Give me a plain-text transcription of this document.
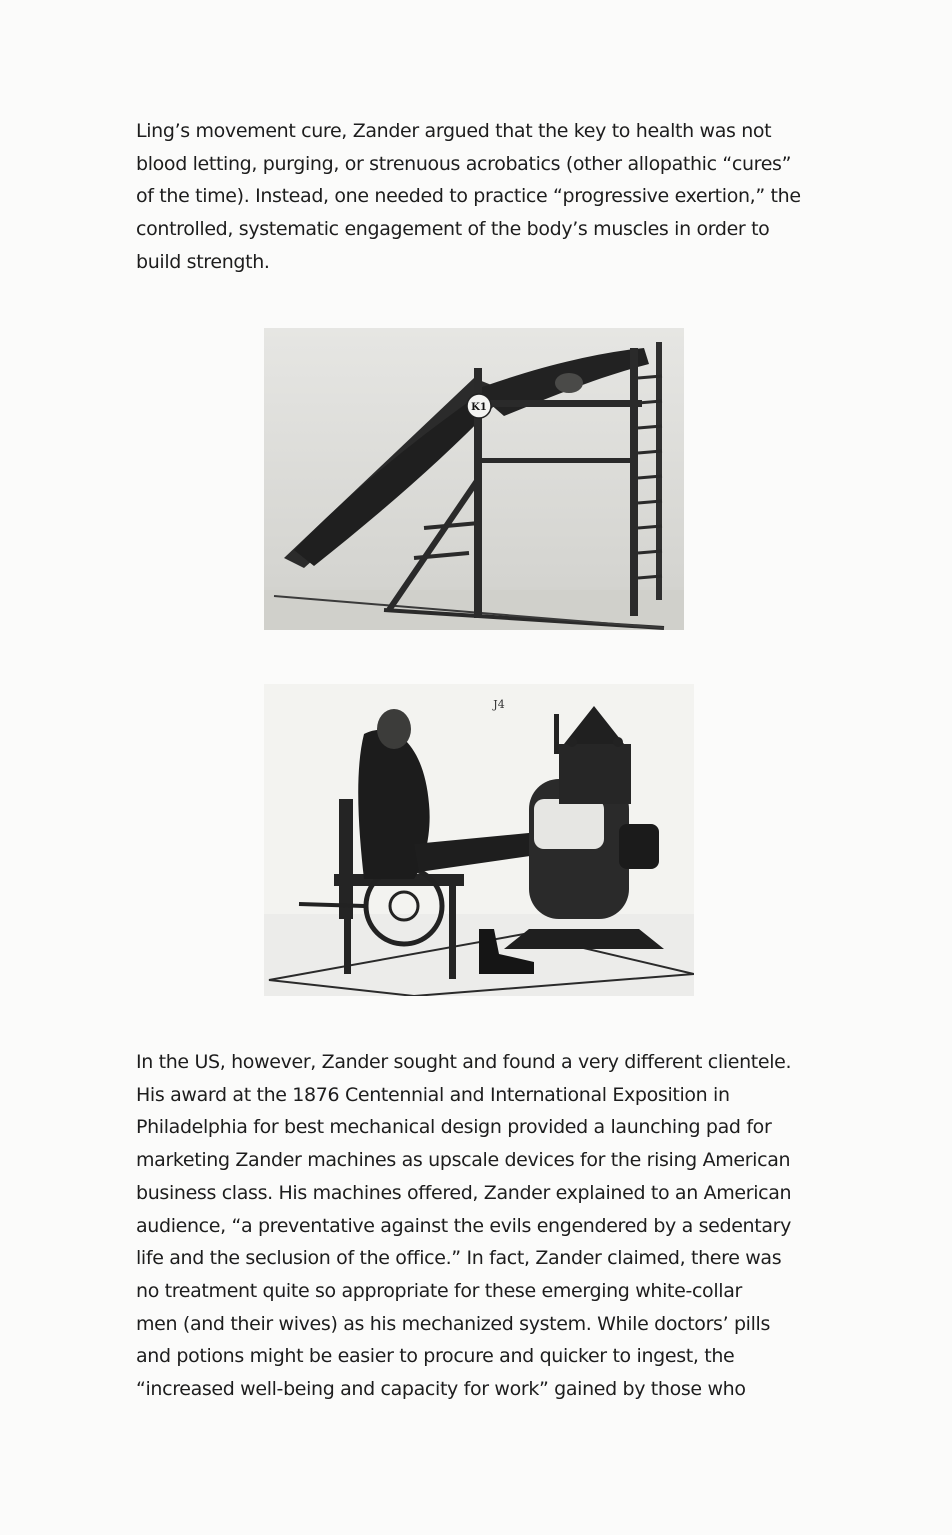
Ling’s movement cure, Zander argued that the key to health was not
blood letting, purging, or strenuous acrobatics (other allopathic “cures”
of the time). Instead, one needed to practice “progressive exertion,” the
controlled, systematic engagement of the body’s muscles in order to
build strength.

K1
J4

In the US, however, Zander sought and found a very different clientele.
His award at the 1876 Centennial and International Exposition in
Philadelphia for best mechanical design provided a launching pad for
marketing Zander machines as upscale devices for the rising American
business class. His machines offered, Zander explained to an American
audience, “a preventative against the evils engendered by a sedentary
life and the seclusion of the office.” In fact, Zander claimed, there was
no treatment quite so appropriate for these emerging white-collar
men (and their wives) as his mechanized system. While doctors’ pills
and potions might be easier to procure and quicker to ingest, the
“increased well-being and capacity for work” gained by those who
